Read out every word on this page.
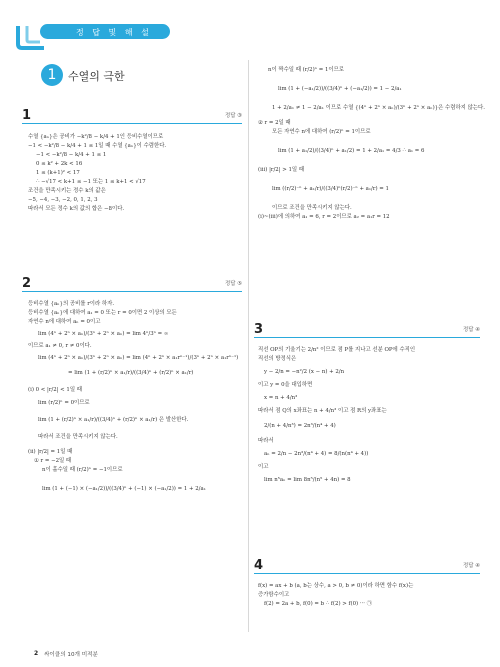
정 답 및 해 설
1	수열의 극한
1	정답 ③
수열 {aₙ}은 공비가 −k²/8 − k/4 + 1인 등비수열이므로
−1 < −k²/8 − k/4 + 1 ≤ 1일 때 수열 {aₙ}이 수렴한다.
−1 < −k²/8 − k/4 + 1 ≤ 1
0 ≤ k² + 2k < 16
1 ≤ (k+1)² < 17
∴ −√17 < k+1 ≤ −1 또는 1 ≤ k+1 < √17
조건을 만족시키는 정수 k의 값은
−5, −4, −3, −2, 0, 1, 2, 3
따라서 모든 정수 k의 값의 합은 −8이다.
2	정답 ⑤
등비수열 {aₙ}의 공비를 r이라 하자.
등비수열 {aₙ}에 대하여 a₁ = 0 또는 r = 0이면 2 이상의 모든
자연수 n에 대하여 aₙ = 0이고
lim (4ⁿ + 2ⁿ × aₙ)/(3ⁿ + 2ⁿ × aₙ) = lim 4ⁿ/3ⁿ = ∞
이므로 a₁ ≠ 0, r ≠ 0이다.
lim (4ⁿ + 2ⁿ × aₙ)/(3ⁿ + 2ⁿ × aₙ) = lim (4ⁿ + 2ⁿ × a₁rⁿ⁻¹)/(3ⁿ + 2ⁿ × a₁rⁿ⁻¹)
= lim (1 + (r/2)ⁿ × a₁/r)/((3/4)ⁿ + (r/2)ⁿ × a₁/r)
(ⅰ) 0 < |r/2| < 1일 때
lim (r/2)ⁿ = 0이므로
lim (1 + (r/2)ⁿ × a₁/r)/((3/4)ⁿ + (r/2)ⁿ × a₁/r) 은 발산한다.
따라서 조건을 만족시키지 않는다.
(ⅱ) |r/2| = 1일 때
① r = −2일 때
n이 홀수일 때 (r/2)ⁿ = −1이므로
lim (1 + (−1) × (−a₁/2))/((3/4)ⁿ + (−1) × (−a₁/2)) = 1 + 2/a₁
n이 짝수일 때 (r/2)ⁿ = 1이므로
lim (1 + (−a₁/2))/((3/4)ⁿ + (−a₁/2)) = 1 − 2/a₁
1 + 2/a₁ ≠ 1 − 2/a₁ 이므로 수열 {(4ⁿ + 2ⁿ × aₙ)/(3ⁿ + 2ⁿ × aₙ)}은 수렴하지 않는다.
② r = 2일 때
모든 자연수 n에 대하여 (r/2)ⁿ = 1이므로
lim (1 + a₁/2)/((3/4)ⁿ + a₁/2) = 1 + 2/a₁ = 4/3 ∴ a₁ = 6
(ⅲ) |r/2| > 1일 때
lim ((r/2)⁻ⁿ + a₁/r)/((3/4)ⁿ(r/2)⁻ⁿ + a₁/r) = 1
이므로 조건을 만족시키지 않는다.
(ⅰ)~(ⅲ)에 의하여 a₁ = 6, r = 2이므로 a₂ = a₁r = 12
3	정답 ④
직선 OP의 기울기는 2/n² 이므로 점 P를 지나고 선분 OP에 수직인
직선의 방정식은
y − 2/n = −n²/2 (x − n) + 2/n
이고 y = 0을 대입하면
x = n + 4/n³
따라서 점 Q의 x좌표는 n + 4/n³ 이고 점 R의 y좌표는
2/(n + 4/n³) = 2n³/(n⁴ + 4)
따라서
aₙ = 2/n − 2n³/(n⁴ + 4) = 8/(n(n⁴ + 4))
이고
lim n⁵aₙ = lim 8n⁵/(n⁵ + 4n) = 8
4	정답 ④
f(x) = ax + b (a, b는 상수, a > 0, b ≠ 0)이라 하면 함수 f(x)는
증가함수이고
f(2) = 2a + b, f(0) = b ∴ f(2) > f(0) ··· ㉠
2 싸이클의 10개 미적분
